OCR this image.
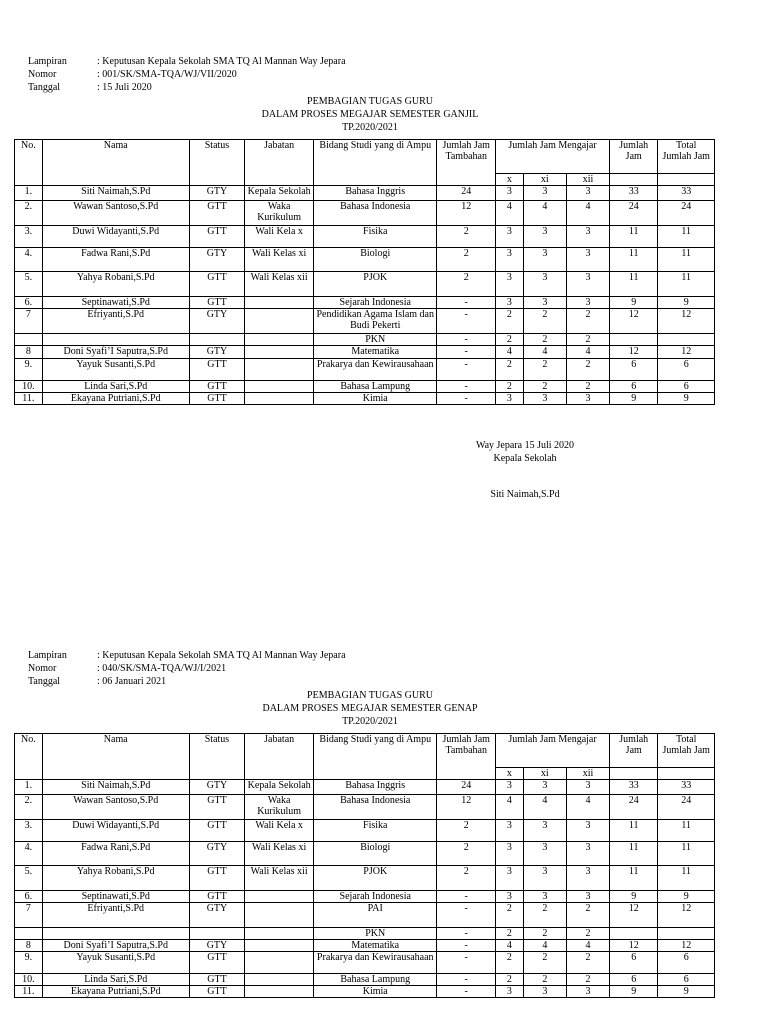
Lampiran	: Keputusan Kepala Sekolah SMA TQ Al Mannan Way Jepara
Nomor	: 001/SK/SMA-TQA/WJ/VII/2020
Tanggal	: 15 Juli 2020
PEMBAGIAN TUGAS GURU
DALAM PROSES MEGAJAR SEMESTER GANJIL
TP.2020/2021
No.	Nama	Status	Jabatan	Bidang Studi yang di Ampu	Jumlah Jam Tambahan	Jumlah Jam Mengajar			Jumlah Jam	Total Jumlah Jam
						x	xi	xii		
1.	Siti Naimah,S.Pd	GTY	Kepala Sekolah	Bahasa Inggris	24	3	3	3	33	33
2.	Wawan Santoso,S.Pd	GTT	Waka Kurikulum	Bahasa Indonesia	12	4	4	4	24	24
3.	Duwi Widayanti,S.Pd	GTT	Wali Kela x	Fisika	2	3	3	3	11	11
4.	Fadwa Rani,S.Pd	GTY	Wali Kelas xi	Biologi	2	3	3	3	11	11
5.	Yahya Robani,S.Pd	GTT	Wali Kelas xii	PJOK	2	3	3	3	11	11
6.	Septinawati,S.Pd	GTT		Sejarah Indonesia	-	3	3	3	9	9
7	Efriyanti,S.Pd	GTY		Pendidikan Agama Islam dan Budi Pekerti	-	2	2	2	12	12
				PKN	-	2	2	2		
8	Doni Syafi’I Saputra,S.Pd	GTY		Matematika	-	4	4	4	12	12
9.	Yayuk Susanti,S.Pd	GTT		Prakarya dan Kewirausahaan	-	2	2	2	6	6
10.	Linda Sari,S.Pd	GTT		Bahasa Lampung	-	2	2	2	6	6
11.	Ekayana Putriani,S.Pd	GTT		Kimia	-	3	3	3	9	9
Way Jepara 15 Juli 2020
Kepala Sekolah
Siti Naimah,S.Pd
Lampiran	: Keputusan Kepala Sekolah SMA TQ Al Mannan Way Jepara
Nomor	: 040/SK/SMA-TQA/WJ/I/2021
Tanggal	: 06 Januari 2021
PEMBAGIAN TUGAS GURU
DALAM PROSES MEGAJAR SEMESTER GENAP
TP.2020/2021
No.	Nama	Status	Jabatan	Bidang Studi yang di Ampu	Jumlah Jam Tambahan	Jumlah Jam Mengajar			Jumlah Jam	Total Jumlah Jam
						x	xi	xii		
1.	Siti Naimah,S.Pd	GTY	Kepala Sekolah	Bahasa Inggris	24	3	3	3	33	33
2.	Wawan Santoso,S.Pd	GTT	Waka Kurikulum	Bahasa Indonesia	12	4	4	4	24	24
3.	Duwi Widayanti,S.Pd	GTT	Wali Kela x	Fisika	2	3	3	3	11	11
4.	Fadwa Rani,S.Pd	GTY	Wali Kelas xi	Biologi	2	3	3	3	11	11
5.	Yahya Robani,S.Pd	GTT	Wali Kelas xii	PJOK	2	3	3	3	11	11
6.	Septinawati,S.Pd	GTT		Sejarah Indonesia	-	3	3	3	9	9
7	Efriyanti,S.Pd	GTY		PAI	-	2	2	2	12	12
				PKN	-	2	2	2		
8	Doni Syafi’I Saputra,S.Pd	GTY		Matematika	-	4	4	4	12	12
9.	Yayuk Susanti,S.Pd	GTT		Prakarya dan Kewirausahaan	-	2	2	2	6	6
10.	Linda Sari,S.Pd	GTT		Bahasa Lampung	-	2	2	2	6	6
11.	Ekayana Putriani,S.Pd	GTT		Kimia	-	3	3	3	9	9
